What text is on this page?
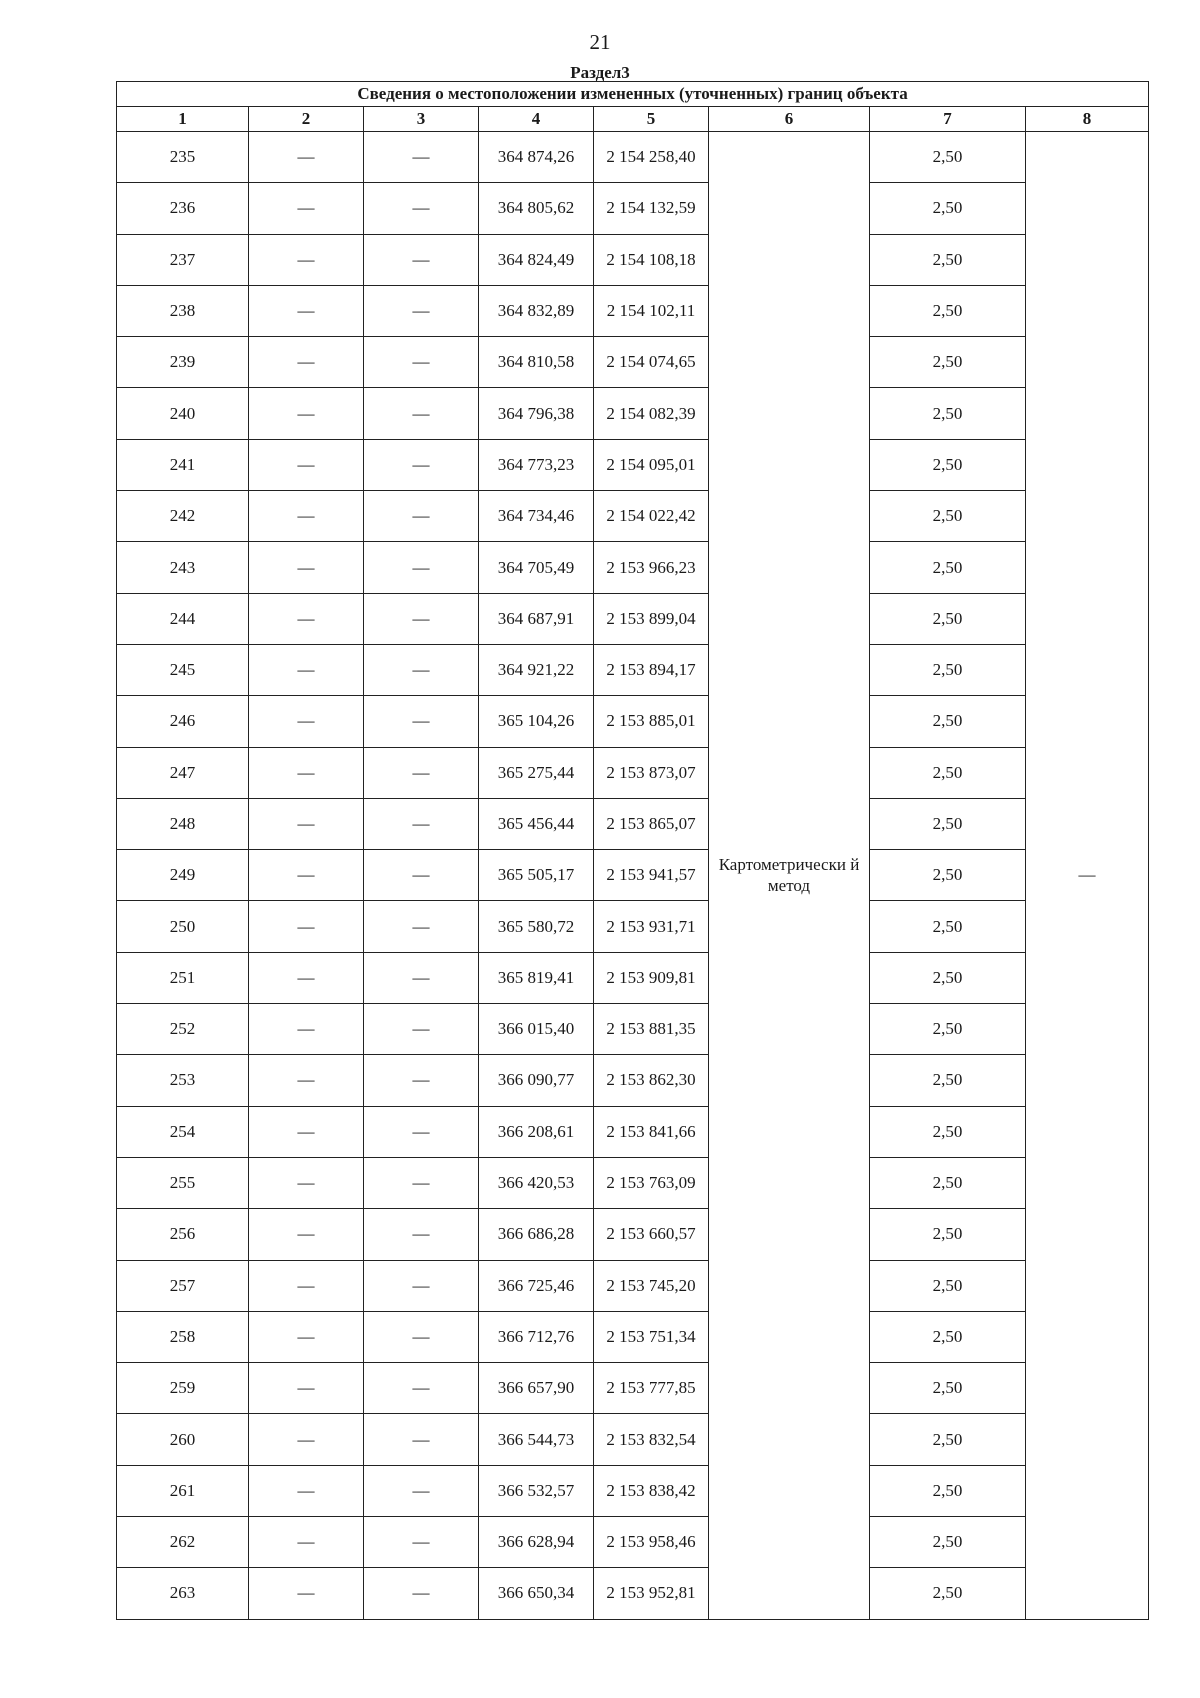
21
Раздел3
Сведения о местоположении измененных (уточненных) границ объекта							
1	2	3	4	5	6	7	8
235	—	—	364 874,26	2 154 258,40	Картометрически й метод	2,50	—
236	—	—	364 805,62	2 154 132,59		2,50	
237	—	—	364 824,49	2 154 108,18		2,50	
238	—	—	364 832,89	2 154 102,11		2,50	
239	—	—	364 810,58	2 154 074,65		2,50	
240	—	—	364 796,38	2 154 082,39		2,50	
241	—	—	364 773,23	2 154 095,01		2,50	
242	—	—	364 734,46	2 154 022,42		2,50	
243	—	—	364 705,49	2 153 966,23		2,50	
244	—	—	364 687,91	2 153 899,04		2,50	
245	—	—	364 921,22	2 153 894,17		2,50	
246	—	—	365 104,26	2 153 885,01		2,50	
247	—	—	365 275,44	2 153 873,07		2,50	
248	—	—	365 456,44	2 153 865,07		2,50	
249	—	—	365 505,17	2 153 941,57		2,50	
250	—	—	365 580,72	2 153 931,71		2,50	
251	—	—	365 819,41	2 153 909,81		2,50	
252	—	—	366 015,40	2 153 881,35		2,50	
253	—	—	366 090,77	2 153 862,30		2,50	
254	—	—	366 208,61	2 153 841,66		2,50	
255	—	—	366 420,53	2 153 763,09		2,50	
256	—	—	366 686,28	2 153 660,57		2,50	
257	—	—	366 725,46	2 153 745,20		2,50	
258	—	—	366 712,76	2 153 751,34		2,50	
259	—	—	366 657,90	2 153 777,85		2,50	
260	—	—	366 544,73	2 153 832,54		2,50	
261	—	—	366 532,57	2 153 838,42		2,50	
262	—	—	366 628,94	2 153 958,46		2,50	
263	—	—	366 650,34	2 153 952,81		2,50	
